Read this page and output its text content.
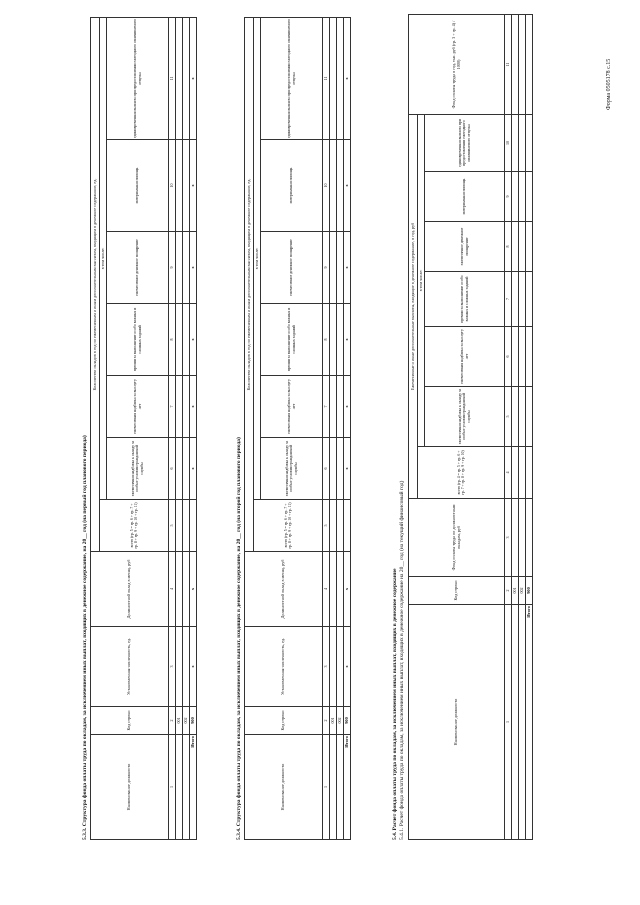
Форма 0505178 с.15
5.3.3. Структура фонда оплаты труда по окладам, за исключением иных выплат, входящих в денежное содержание, на 20__ год (на первый год планового периода)	Наименование должности	Код строки	Установленная численность, ед.	Должностной оклад в месяц, руб	Количество окладов в год по ежемесячным и иным дополнительным выплатам, входящим в денежное содержание, ед.						
				всего (гр. 5 = гр. 6 + гр. 7 + гр. 8 + гр. 9 + гр. 10 + гр. 11)	в том числе:					
					ежемесячная надбавка к окладу за особые условия гражданской службы	ежемесячная надбавка за выслугу лет	премии за выполнение особо важных и сложных заданий	ежемесячное денежное поощрение	материальная помощь	единовременная выплата при предоставлении ежегодного оплачиваемого отпуска
1	2	3	4	5	6	7	8	9	10	11
	001									
	002									
Итого	900	x	x		x	x	x	x	x	x
5.3.4. Структура фонда оплаты труда по окладам, за исключением иных выплат, входящих в денежное содержание, на 20__ год (на второй год планового периода)	Наименование должности	Код строки	Установленная численность, ед.	Должностной оклад в месяц, руб	Количество окладов в год по ежемесячным и иным дополнительным выплатам, входящим в денежное содержание, ед.						
				всего (гр. 5 = гр. 6 + гр. 7 + гр. 8 + гр. 9 + гр. 10 + гр. 11)	в том числе:					
					ежемесячная надбавка к окладу за особые условия гражданской службы	ежемесячная надбавка за выслугу лет	премии за выполнение особо важных и сложных заданий	ежемесячное денежное поощрение	материальная помощь	единовременная выплата при предоставлении ежегодного оплачиваемого отпуска
1	2	3	4	5	6	7	8	9	10	11
	001									
	002									
Итого	900	x	x		x	x	x	x	x	x
5.4. Расчет фонда оплаты труда по окладам, за исключением иных выплат, входящих в денежное содержание 5.4.1. Расчет фонда оплаты труда по окладам, за исключением иных выплат, входящих в денежное содержание на 20__ год (на текущий финансовый год)	Наименование должности	Код строки	Фонд оплаты труда по должностным окладам, руб	Ежемесячные и иные дополнительные выплаты, входящие в денежное содержание, в год, руб							Фонд оплаты труда в год, тыс. руб (гр. 3 + гр. 4) / 1000)
			всего (гр. 4 = гр. 5 + гр. 6 + гр. 7 + гр. 8 + гр. 9 + гр. 10)	в том числе:						
				ежемесячная надбавка к окладу за особые условия гражданской службы	ежемесячная надбавка за выслугу лет	премии за выполнение особо важных и сложных заданий	ежемесячное денежное поощрение	материальная помощь	единовременная выплата при предоставлении ежегодного оплачиваемого отпуска	
1	2	3	4	5	6	7	8	9	10	11
	001									
	002									
Итого	900									
